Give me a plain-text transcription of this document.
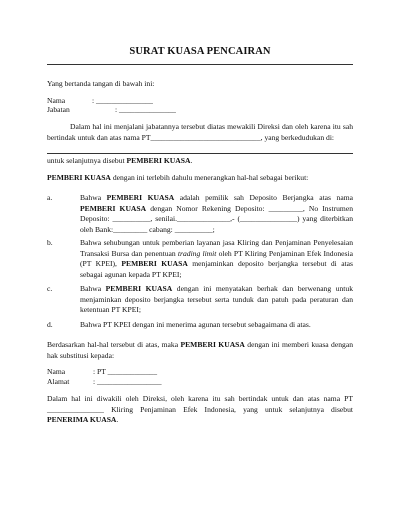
SURAT KUASA PENCAIRAN
Yang bertanda tangan di bawah ini:
Nama	: _______________
Jabatan	: _______________
Dalam hal ini menjalani jabatannya tersebut diatas mewakili Direksi dan oleh karena itu sah bertindak untuk dan atas nama PT_____________________________, yang berkedudukan di:
untuk selanjutnya disebut PEMBERI KUASA.
PEMBERI KUASA dengan ini terlebih dahulu menerangkan hal-hal sebagai berikut:
a.	Bahwa PEMBERI KUASA adalah pemilik sah Deposito Berjangka atas nama PEMBERI KUASA dengan Nomor Rekening Deposito: _________, No Instrumen Deposito: __________, senilai.______________,- (_______________) yang diterbitkan oleh Bank:_________ cabang: __________;
b.	Bahwa sehubungan untuk pemberian layanan jasa Kliring dan Penjaminan Penyelesaian Transaksi Bursa dan penentuan trading limit oleh PT Kliring Penjaminan Efek Indonesia (PT KPEI), PEMBERI KUASA menjaminkan deposito berjangka tersebut di atas sebagai agunan kepada PT KPEI;
c.	Bahwa PEMBERI KUASA dengan ini menyatakan berhak dan berwenang untuk menjaminkan deposito berjangka tersebut serta tunduk dan patuh pada peraturan dan ketentuan PT KPEI;
d.	Bahwa PT KPEI dengan ini menerima agunan tersebut sebagaimana di atas.
Berdasarkan hal-hal tersebut di atas, maka PEMBERI KUASA dengan ini memberi kuasa dengan hak substitusi kepada:
Nama	: PT _____________
Alamat	: _________________
Dalam hal ini diwakili oleh Direksi, oleh karena itu sah bertindak untuk dan atas nama PT _______________ Kliring Penjaminan Efek Indonesia, yang untuk selanjutnya disebut PENERIMA KUASA.
